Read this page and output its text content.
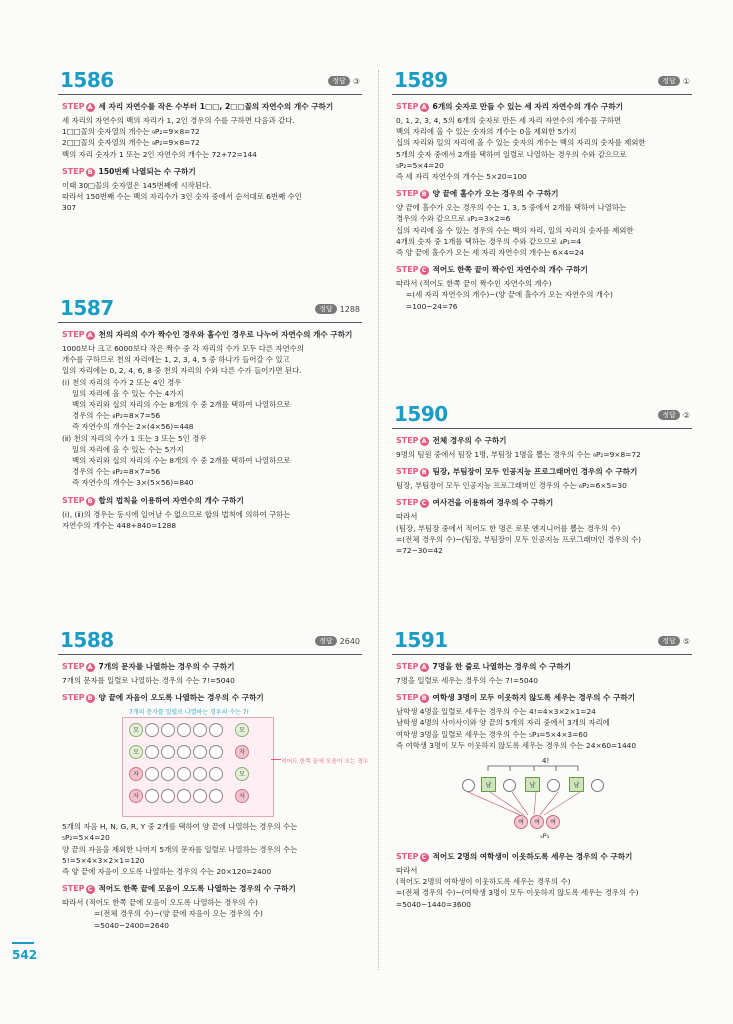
1586	정답 ③
STEP A 세 자리 자연수를 작은 수부터 1□□, 2□□꼴의 자연수의 개수 구하기
세 자리의 자연수의 백의 자리가 1, 2인 경우의 수를 구하면 다음과 같다.
1□□꼴의 숫자열의 개수는 ₉P₂=9×8=72
2□□꼴의 숫자열의 개수는 ₉P₂=9×8=72
백의 자리 숫자가 1 또는 2인 자연수의 개수는 72+72=144
STEP B 150번째 나열되는 수 구하기
이때 30□꼴의 숫자열은 145번째에 시작된다.
따라서 150번째 수는 백의 자리수가 3인 숫자 중에서 순서대로 6번째 수인
307
1587	정답 1288
STEP A 천의 자리의 수가 짝수인 경우와 홀수인 경우로 나누어 자연수의 개수 구하기
1000보다 크고 6000보다 작은 짝수 중 각 자리의 수가 모두 다른 자연수의
개수를 구하므로 천의 자리에는 1, 2, 3, 4, 5 중 하나가 들어갈 수 있고
일의 자리에는 0, 2, 4, 6, 8 중 천의 자리의 수와 다른 수가 들어가면 된다.
(ⅰ) 천의 자리의 수가 2 또는 4인 경우
일의 자리에 올 수 있는 수는 4가지
백의 자리와 십의 자리의 수는 8개의 수 중 2개를 택하여 나열하므로
경우의 수는 ₈P₂=8×7=56
즉 자연수의 개수는 2×(4×56)=448
(ⅱ) 천의 자리의 수가 1 또는 3 또는 5인 경우
일의 자리에 올 수 있는 수는 5가지
백의 자리와 십의 자리의 수는 8개의 수 중 2개를 택하여 나열하므로
경우의 수는 ₈P₂=8×7=56
즉 자연수의 개수는 3×(5×56)=840
STEP B 합의 법칙을 이용하여 자연수의 개수 구하기
(ⅰ), (ⅱ)의 경우는 동시에 일어날 수 없으므로 합의 법칙에 의하여 구하는
자연수의 개수는 448+840=1288
1588	정답 2640
STEP A 7개의 문자를 나열하는 경우의 수 구하기
7개의 문자를 일렬로 나열하는 경우의 수는 7!=5040
STEP B 양 끝에 자음이 오도록 나열하는 경우의 수 구하기
7개의 문자를 일렬로 나열하는 경우의 수는 7!
모	모
모	자
자	모
자	자
적어도 한쪽 끝에 모음이 오는 경우
5개의 자음 H, N, G, R, Y 중 2개를 택하여 양 끝에 나열하는 경우의 수는
₅P₂=5×4=20
양 끝의 자음을 제외한 나머지 5개의 문자를 일렬로 나열하는 경우의 수는
5!=5×4×3×2×1=120
즉 양 끝에 자음이 오도록 나열하는 경우의 수는 20×120=2400
STEP C 적어도 한쪽 끝에 모음이 오도록 나열하는 경우의 수 구하기
따라서 (적어도 한쪽 끝에 모음이 오도록 나열하는 경우의 수)
=(전체 경우의 수)−(양 끝에 자음이 오는 경우의 수)
=5040−2400=2640
1589	정답 ①
STEP A 6개의 숫자로 만들 수 있는 세 자리 자연수의 개수 구하기
0, 1, 2, 3, 4, 5의 6개의 숫자로 만든 세 자리 자연수의 개수를 구하면
백의 자리에 올 수 있는 숫자의 개수는 0을 제외한 5가지
십의 자리와 일의 자리에 올 수 있는 숫자의 개수는 백의 자리의 숫자를 제외한
5개의 숫자 중에서 2개를 택하여 일렬로 나열하는 경우의 수와 같으므로
₅P₂=5×4=20
즉 세 자리 자연수의 개수는 5×20=100
STEP B 양 끝에 홀수가 오는 경우의 수 구하기
양 끝에 홀수가 오는 경우의 수는 1, 3, 5 중에서 2개를 택하여 나열하는
경우의 수와 같으므로 ₃P₂=3×2=6
십의 자리에 올 수 있는 경우의 수는 백의 자리, 일의 자리의 숫자를 제외한
4개의 숫자 중 1개를 택하는 경우의 수와 같으므로 ₄P₁=4
즉 양 끝에 홀수가 오는 세 자리 자연수의 개수는 6×4=24
STEP C 적어도 한쪽 끝이 짝수인 자연수의 개수 구하기
따라서 (적어도 한쪽 끝이 짝수인 자연수의 개수)
=(세 자리 자연수의 개수)−(양 끝에 홀수가 오는 자연수의 개수)
=100−24=76
1590	정답 ②
STEP A 전체 경우의 수 구하기
9명의 팀원 중에서 팀장 1명, 부팀장 1명을 뽑는 경우의 수는 ₉P₂=9×8=72
STEP B 팀장, 부팀장이 모두 인공지능 프로그래머인 경우의 수 구하기
팀장, 부팀장이 모두 인공지능 프로그래머인 경우의 수는 ₆P₂=6×5=30
STEP C 여사건을 이용하여 경우의 수 구하기
따라서
(팀장, 부팀장 중에서 적어도 한 명은 로봇 엔지니어를 뽑는 경우의 수)
=(전체 경우의 수)−(팀장, 부팀장이 모두 인공지능 프로그래머인 경우의 수)
=72−30=42
1591	정답 ⑤
STEP A 7명을 한 줄로 나열하는 경우의 수 구하기
7명을 일렬로 세우는 경우의 수는 7!=5040
STEP B 여학생 3명이 모두 이웃하지 않도록 세우는 경우의 수 구하기
남학생 4명을 일렬로 세우는 경우의 수는 4!=4×3×2×1=24
남학생 4명의 사이사이와 양 끝의 5개의 자리 중에서 3개의 자리에
여학생 3명을 일렬로 세우는 경우의 수는 ₅P₃=5×4×3=60
즉 여학생 3명이 모두 이웃하지 않도록 세우는 경우의 수는 24×60=1440
4!
남	남	남
여	여	여
₅P₃
STEP C 적어도 2명의 여학생이 이웃하도록 세우는 경우의 수 구하기
따라서
(적어도 2명의 여학생이 이웃하도록 세우는 경우의 수)
=(전체 경우의 수)−(여학생 3명이 모두 이웃하지 않도록 세우는 경우의 수)
=5040−1440=3600
542
